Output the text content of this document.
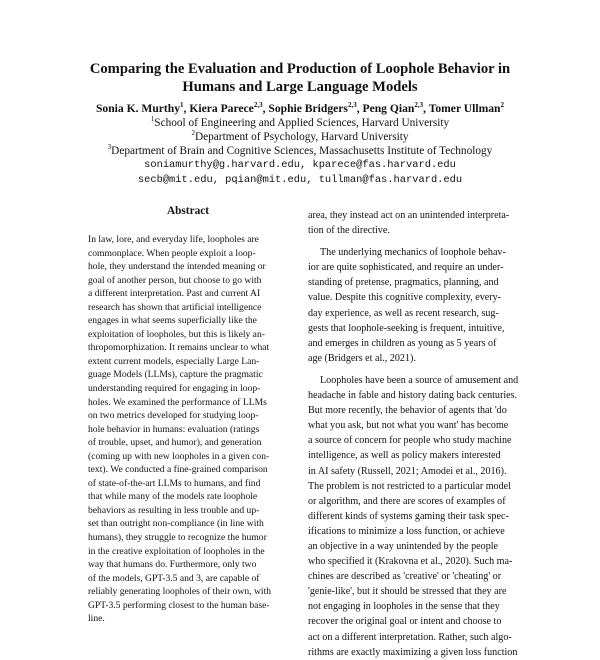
Comparing the Evaluation and Production of Loophole Behavior in
Humans and Large Language Models
Sonia K. Murthy$^1$, Kiera Parece$^{2,3}$, Sophie Bridgers$^{2,3}$, Peng Qian$^{2,3}$, Tomer Ullman$^2$
$^1$School of Engineering and Applied Sciences, Harvard University
$^2$Department of Psychology, Harvard University
$^3$Department of Brain and Cognitive Sciences, Massachusetts Institute of Technology
soniamurthy@g.harvard.edu, kparece@fas.harvard.edu
secb@mit.edu, pqian@mit.edu, tullman@fas.harvard.edu
Abstract
In law, lore, and everyday life, loopholes are
commonplace. When people exploit a loop-
hole, they understand the intended meaning or
goal of another person, but choose to go with
a different interpretation. Past and current AI
research has shown that artificial intelligence
engages in what seems superficially like the
exploitation of loopholes, but this is likely an-
thropomorphization. It remains unclear to what
extent current models, especially Large Lan-
guage Models (LLMs), capture the pragmatic
understanding required for engaging in loop-
holes. We examined the performance of LLMs
on two metrics developed for studying loop-
hole behavior in humans: evaluation (ratings
of trouble, upset, and humor), and generation
(coming up with new loopholes in a given con-
text). We conducted a fine-grained comparison
of state-of-the-art LLMs to humans, and find
that while many of the models rate loophole
behaviors as resulting in less trouble and up-
set than outright non-compliance (in line with
humans), they struggle to recognize the humor
in the creative exploitation of loopholes in the
way that humans do. Furthermore, only two
of the models, GPT-3.5 and 3, are capable of
reliably generating loopholes of their own, with
GPT-3.5 performing closest to the human base-
line.
area, they instead act on an unintended interpreta-
tion of the directive.
The underlying mechanics of loophole behav-
ior are quite sophisticated, and require an under-
standing of pretense, pragmatics, planning, and
value. Despite this cognitive complexity, every-
day experience, as well as recent research, sug-
gests that loophole-seeking is frequent, intuitive,
and emerges in children as young as 5 years of
age (Bridgers et al., 2021).
Loopholes have been a source of amusement and
headache in fable and history dating back centuries.
But more recently, the behavior of agents that 'do
what you ask, but not what you want' has become
a source of concern for people who study machine
intelligence, as well as policy makers interested
in AI safety (Russell, 2021; Amodei et al., 2016).
The problem is not restricted to a particular model
or algorithm, and there are scores of examples of
different kinds of systems gaming their task spec-
ifications to minimize a loss function, or achieve
an objective in a way unintended by the people
who specified it (Krakovna et al., 2020). Such ma-
chines are described as 'creative' or 'cheating' or
'genie-like', but it should be stressed that they are
not engaging in loopholes in the sense that they
recover the original goal or intent and choose to
act on a different interpretation. Rather, such algo-
rithms are exactly maximizing a given loss function
